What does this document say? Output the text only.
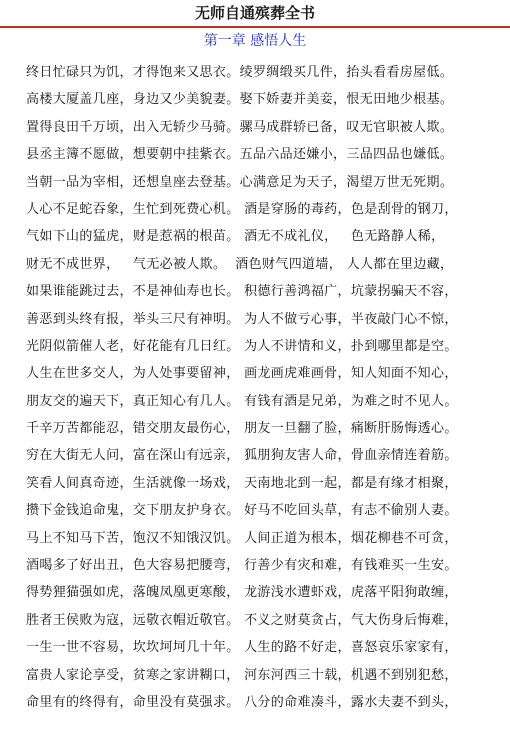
无师自通殡葬全书
第一章 感悟人生
终日忙碌只为饥，才得饱来又思衣。绫罗绸缎买几件，抬头看看房屋低。
高楼大厦盖几座，身边又少美貌妻。娶下娇妻并美妾，恨无田地少根基。
置得良田千万顷，出入无轿少马骑。骡马成群轿已备，叹无官职被人欺。
县丞主簿不愿做，想要朝中挂紫衣。五品六品还嫌小，三品四品也嫌低。
当朝一品为宰相，还想皇座去登基。心满意足为天子，渴望万世无死期。
人心不足蛇吞象，生忙到死费心机。 酒是穿肠的毒药，色是刮骨的钢刀，
气如下山的猛虎，财是惹祸的根苗。 酒无不成礼仪，   色无路静人稀，
财无不成世界，   气无必被人欺。  酒色财气四道墙， 人人都在里边藏，
如果谁能跳过去，不是神仙寿也长。 积德行善鸿福广，坑蒙拐骗天不容，
善恶到头终有报，举头三尺有神明。 为人不做亏心事，半夜敲门心不惊，
光阴似箭催人老，好花能有几日红。 为人不讲情和义，扑到哪里都是空。
人生在世多交人，为人处事要留神， 画龙画虎难画骨，知人知面不知心，
朋友交的遍天下，真正知心有几人。 有钱有酒是兄弟，为难之时不见人。
千辛万苦都能忍，错交朋友最伤心， 朋友一旦翻了脸，痛断肝肠悔透心。
穷在大街无人问，富在深山有远亲， 狐朋狗友害人命，骨血亲情连着筋。
笑看人间真奇迹，生活就像一场戏， 天南地北到一起，都是有缘才相聚，
攒下金钱追命鬼，交下朋友护身衣。 好马不吃回头草，有志不偷别人妻。
马上不知马下苦，饱汉不知饿汉饥。 人间正道为根本，烟花柳巷不可贪，
酒喝多了好出丑，色大容易把腰弯， 行善少有灾和难，有钱难买一生安。
得势狸猫强如虎，落魄凤凰更寒酸， 龙游浅水遭虾戏，虎落平阳狗敢缠，
胜者王侯败为寇，远敬衣帽近敬官。 不义之财莫贪占，气大伤身后悔难，
一生一世不容易，坎坎坷坷几十年。 人生的路不好走，喜怒哀乐家家有，
富贵人家论享受，贫寒之家讲糊口， 河东河西三十载，机遇不到别犯愁，
命里有的终得有，命里没有莫强求。 八分的命难凑斗，露水夫妻不到头，
